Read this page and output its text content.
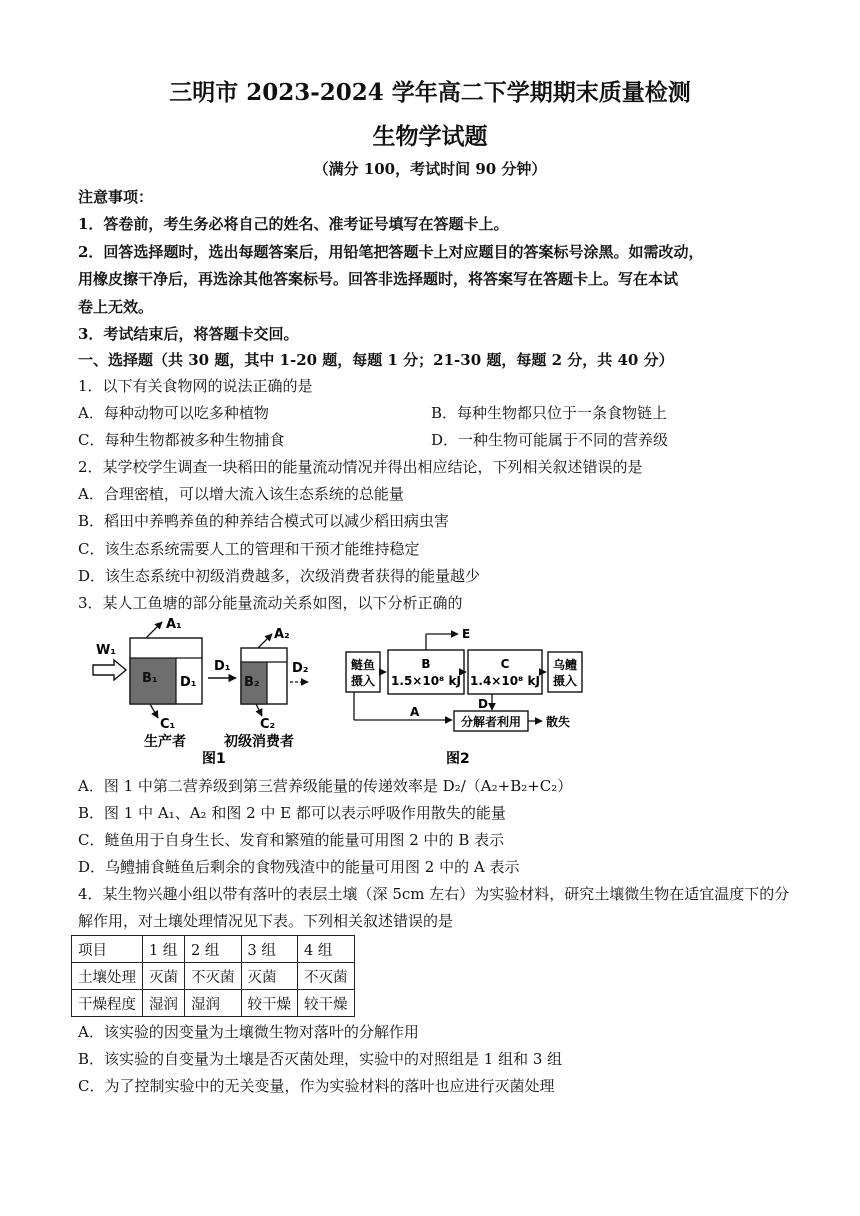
三明市 2023-2024 学年高二下学期期末质量检测
生物学试题
（满分 100，考试时间 90 分钟）
注意事项：
1．答卷前，考生务必将自己的姓名、准考证号填写在答题卡上。
2．回答选择题时，选出每题答案后，用铅笔把答题卡上对应题目的答案标号涂黑。如需改动，
用橡皮擦干净后，再选涂其他答案标号。回答非选择题时，将答案写在答题卡上。写在本试
卷上无效。
3．考试结束后，将答题卡交回。
一、选择题（共 30 题，其中 1-20 题，每题 1 分；21-30 题，每题 2 分，共 40 分）
1．以下有关食物网的说法正确的是
A．每种动物可以吃多种植物	B．每种生物都只位于一条食物链上
C．每种生物都被多种生物捕食	D．一种生物可能属于不同的营养级
2．某学校学生调查一块稻田的能量流动情况并得出相应结论，下列相关叙述错误的是
A．合理密植，可以增大流入该生态系统的总能量
B．稻田中养鸭养鱼的种养结合模式可以减少稻田病虫害
C．该生态系统需要人工的管理和干预才能维持稳定
D．该生态系统中初级消费越多，次级消费者获得的能量越少
3．某人工鱼塘的部分能量流动关系如图，以下分析正确的
W₁
B₁ D₁
A₁
C₁
生产者
D₁
B₂
A₂
C₂
D₂
初级消费者
图1
鲢鱼
摄入
B
1.5×10⁸ kJ
E
C
1.4×10⁸ kJ
乌鳢
摄入
D
A
分解者利用 散失
图2
A．图 1 中第二营养级到第三营养级能量的传递效率是 D₂/（A₂+B₂+C₂）
B．图 1 中 A₁、A₂ 和图 2 中 E 都可以表示呼吸作用散失的能量
C．鲢鱼用于自身生长、发育和繁殖的能量可用图 2 中的 B 表示
D．乌鳢捕食鲢鱼后剩余的食物残渣中的能量可用图 2 中的 A 表示
4．某生物兴趣小组以带有落叶的表层土壤（深 5cm 左右）为实验材料，研究土壤微生物在适宜温度下的分
解作用，对土壤处理情况见下表。下列相关叙述错误的是
项目	1 组	2 组	3 组	4 组
土壤处理	灭菌	不灭菌	灭菌	不灭菌
干燥程度	湿润	湿润	较干燥	较干燥
A．该实验的因变量为土壤微生物对落叶的分解作用
B．该实验的自变量为土壤是否灭菌处理，实验中的对照组是 1 组和 3 组
C．为了控制实验中的无关变量，作为实验材料的落叶也应进行灭菌处理
